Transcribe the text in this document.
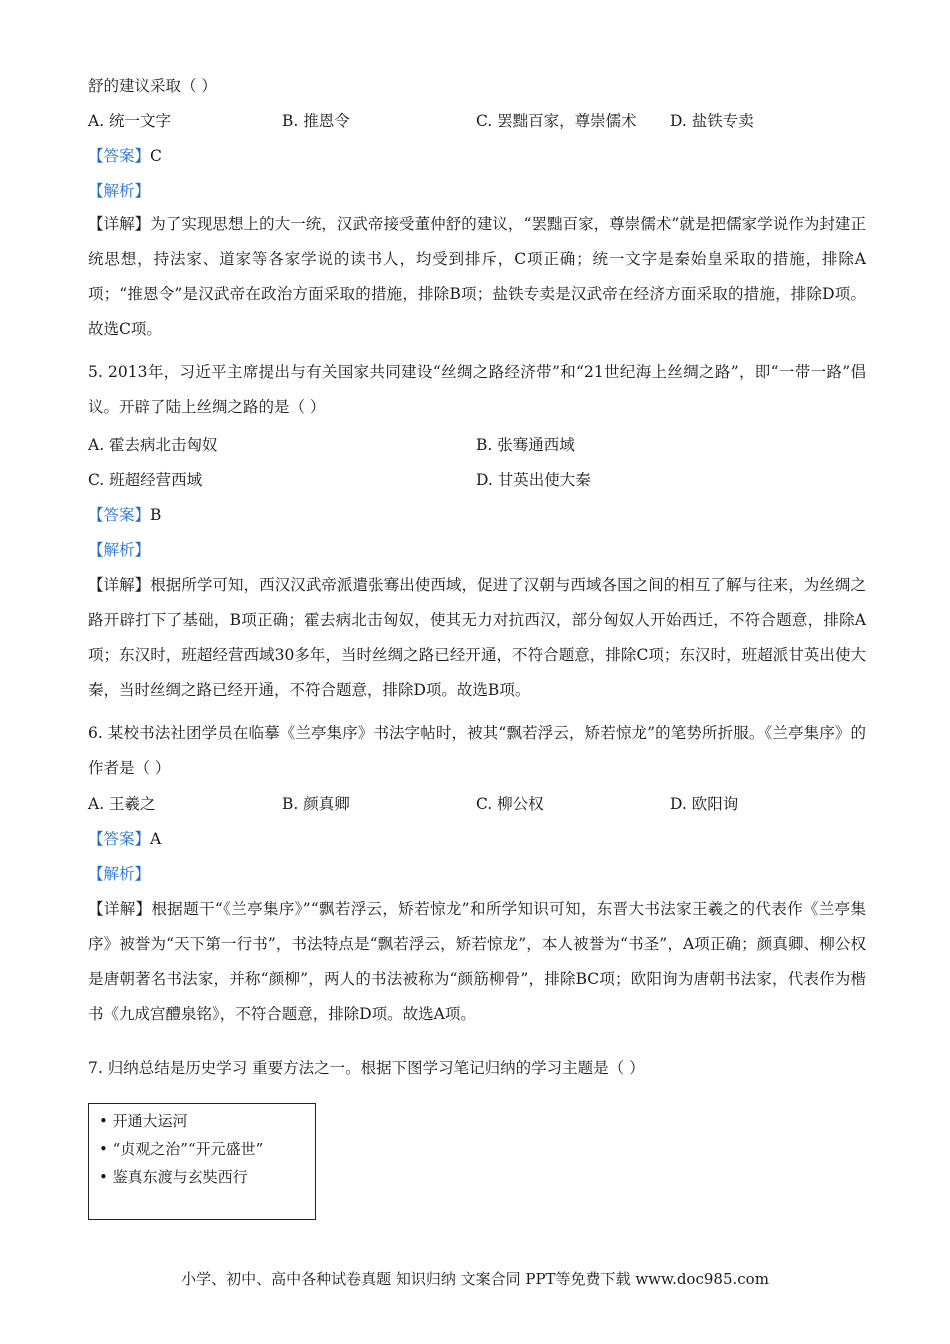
舒的建议采取（ ）
A. 统一文字	B. 推恩令	C. 罢黜百家，尊崇儒术 D. 盐铁专卖
【答案】C
【解析】
【详解】为了实现思想上的大一统，汉武帝接受董仲舒的建议，“罢黜百家，尊崇儒术”就是把儒家学说作为封建正统思想，持法家、道家等各家学说的读书人，均受到排斥，C项正确；统一文字是秦始皇采取的措施，排除A项；“推恩令”是汉武帝在政治方面采取的措施，排除B项；盐铁专卖是汉武帝在经济方面采取的措施，排除D项。故选C项。
5. 2013年，习近平主席提出与有关国家共同建设“丝绸之路经济带”和“21世纪海上丝绸之路”，即“一带一路”倡议。开辟了陆上丝绸之路的是（ ）
A. 霍去病北击匈奴	B. 张骞通西域
C. 班超经营西域	D. 甘英出使大秦
【答案】B
【解析】
【详解】根据所学可知，西汉汉武帝派遣张骞出使西域，促进了汉朝与西域各国之间的相互了解与往来，为丝绸之路开辟打下了基础，B项正确；霍去病北击匈奴，使其无力对抗西汉，部分匈奴人开始西迁，不符合题意，排除A项；东汉时，班超经营西域30多年，当时丝绸之路已经开通，不符合题意，排除C项；东汉时，班超派甘英出使大秦，当时丝绸之路已经开通，不符合题意，排除D项。故选B项。
6. 某校书法社团学员在临摹《兰亭集序》书法字帖时，被其“飘若浮云，矫若惊龙”的笔势所折服。《兰亭集序》的作者是（ ）
A. 王羲之	B. 颜真卿	C. 柳公权	D. 欧阳询
【答案】A
【解析】
【详解】根据题干“《兰亭集序》”“飘若浮云，矫若惊龙”和所学知识可知，东晋大书法家王羲之的代表作《兰亭集序》被誉为“天下第一行书”，书法特点是“飘若浮云，矫若惊龙”，本人被誉为“书圣”，A项正确；颜真卿、柳公权是唐朝著名书法家，并称“颜柳”，两人的书法被称为“颜筋柳骨”，排除BC项；欧阳询为唐朝书法家，代表作为楷书《九成宫醴泉铭》，不符合题意，排除D项。故选A项。
7. 归纳总结是历史学习 重要方法之一。根据下图学习笔记归纳的学习主题是（ ）
• 开通大运河
• “贞观之治”“开元盛世”
• 鉴真东渡与玄奘西行
小学、初中、高中各种试卷真题 知识归纳 文案合同 PPT等免费下载 www.doc985.com
